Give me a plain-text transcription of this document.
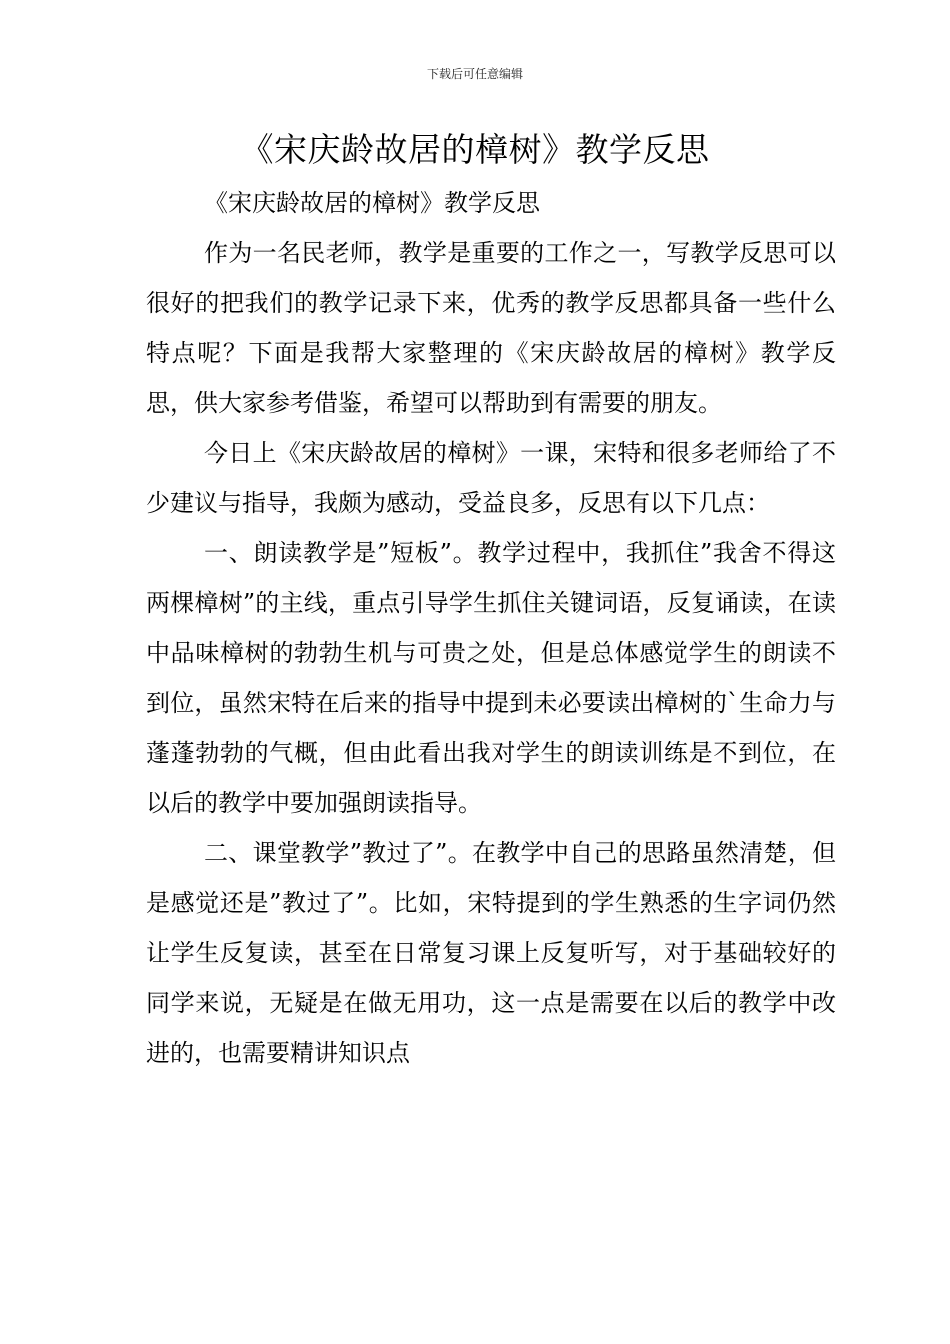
下载后可任意编辑
《宋庆龄故居的樟树》教学反思

《宋庆龄故居的樟树》教学反思

作为一名民老师，教学是重要的工作之一，写教学反思可以很好的把我们的教学记录下来，优秀的教学反思都具备一些什么特点呢？下面是我帮大家整理的《宋庆龄故居的樟树》教学反思，供大家参考借鉴，希望可以帮助到有需要的朋友。

今日上《宋庆龄故居的樟树》一课，宋特和很多老师给了不少建议与指导，我颇为感动，受益良多，反思有以下几点：

一、朗读教学是”短板”。教学过程中，我抓住”我舍不得这两棵樟树”的主线，重点引导学生抓住关键词语，反复诵读，在读中品味樟树的勃勃生机与可贵之处，但是总体感觉学生的朗读不到位，虽然宋特在后来的指导中提到未必要读出樟树的`生命力与蓬蓬勃勃的气概，但由此看出我对学生的朗读训练是不到位，在以后的教学中要加强朗读指导。

二、课堂教学”教过了”。在教学中自己的思路虽然清楚，但是感觉还是”教过了”。比如，宋特提到的学生熟悉的生字词仍然让学生反复读，甚至在日常复习课上反复听写，对于基础较好的同学来说，无疑是在做无用功，这一点是需要在以后的教学中改进的，也需要精讲知识点
